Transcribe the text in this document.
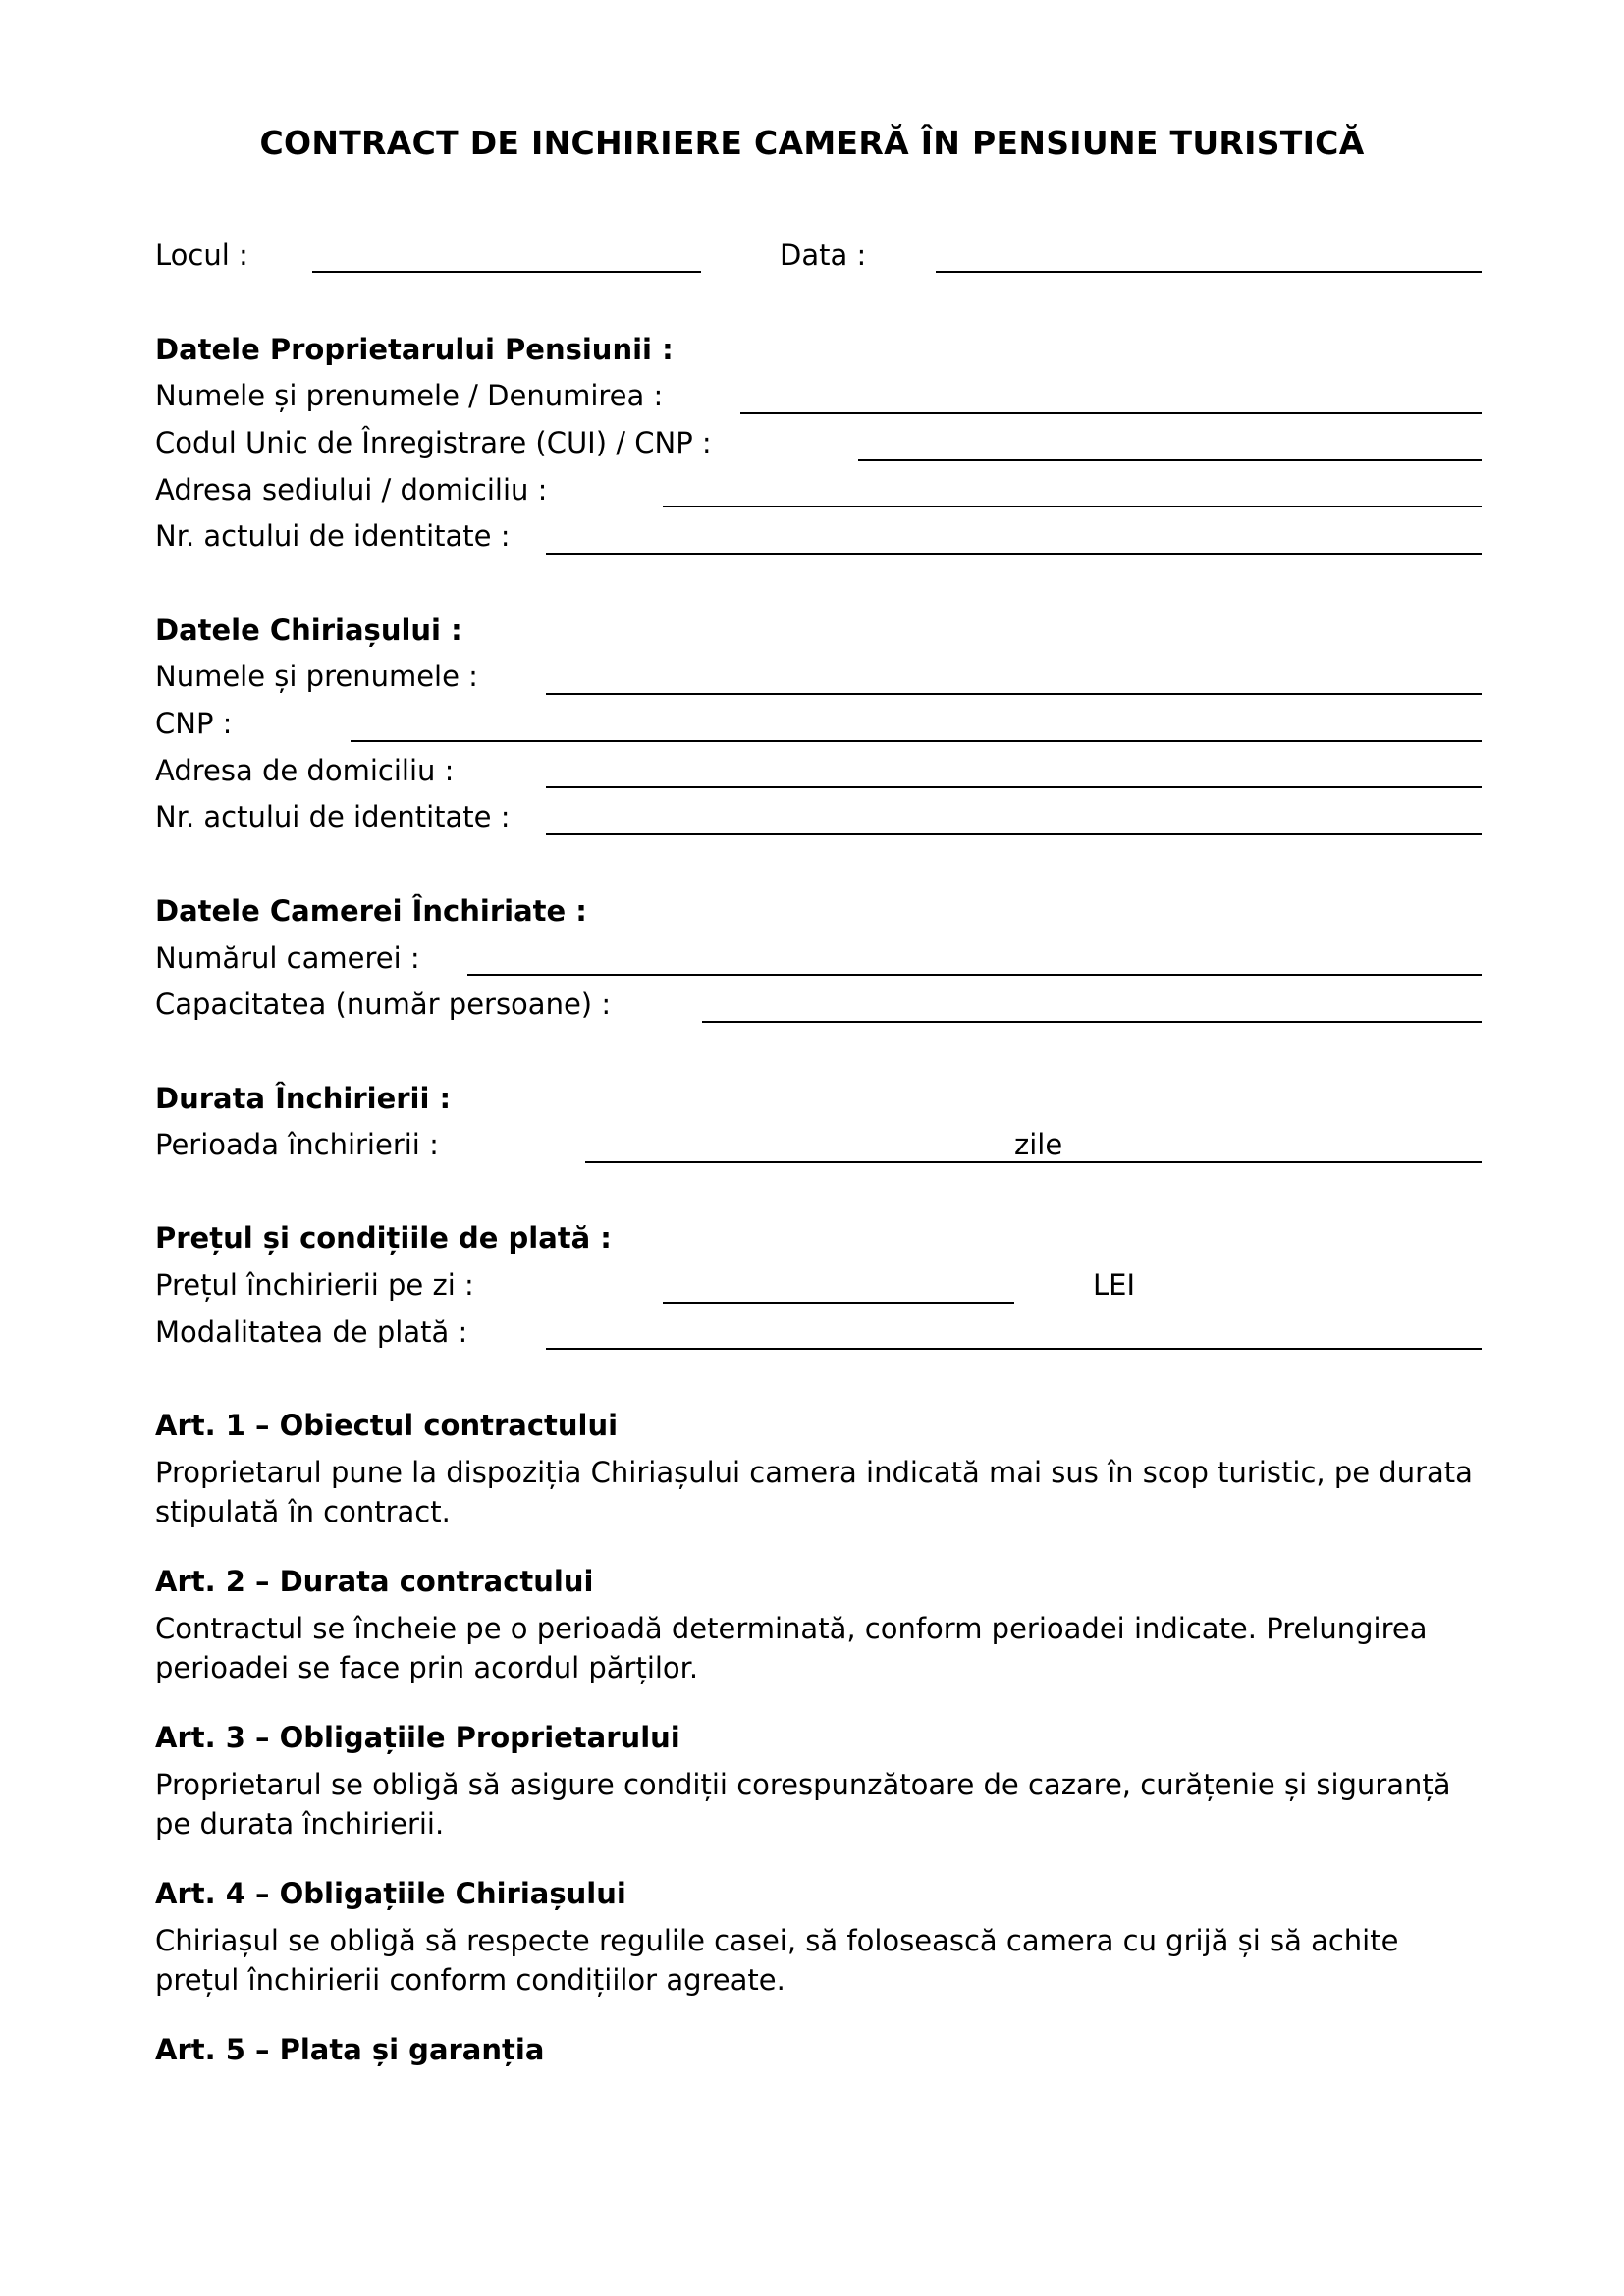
CONTRACT DE INCHIRIERE CAMERĂ ÎN PENSIUNE TURISTICĂ
Locul :	Data :
Datele Proprietarului Pensiunii :
Numele și prenumele / Denumirea :
Codul Unic de Înregistrare (CUI) / CNP :
Adresa sediului / domiciliu :
Nr. actului de identitate :
Datele Chiriașului :
Numele și prenumele :
CNP :
Adresa de domiciliu :
Nr. actului de identitate :
Datele Camerei Închiriate :
Numărul camerei :
Capacitatea (număr persoane) :
Durata Închirierii :
Perioada închirierii :	zile
Prețul și condițiile de plată :
Prețul închirierii pe zi :	LEI
Modalitatea de plată :
Art. 1 – Obiectul contractului
Proprietarul pune la dispoziția Chiriașului camera indicată mai sus în scop turistic, pe durata stipulată în contract.
Art. 2 – Durata contractului
Contractul se încheie pe o perioadă determinată, conform perioadei indicate. Prelungirea perioadei se face prin acordul părților.
Art. 3 – Obligațiile Proprietarului
Proprietarul se obligă să asigure condiții corespunzătoare de cazare, curățenie și siguranță pe durata închirierii.
Art. 4 – Obligațiile Chiriașului
Chiriașul se obligă să respecte regulile casei, să folosească camera cu grijă și să achite prețul închirierii conform condițiilor agreate.
Art. 5 – Plata și garanția
